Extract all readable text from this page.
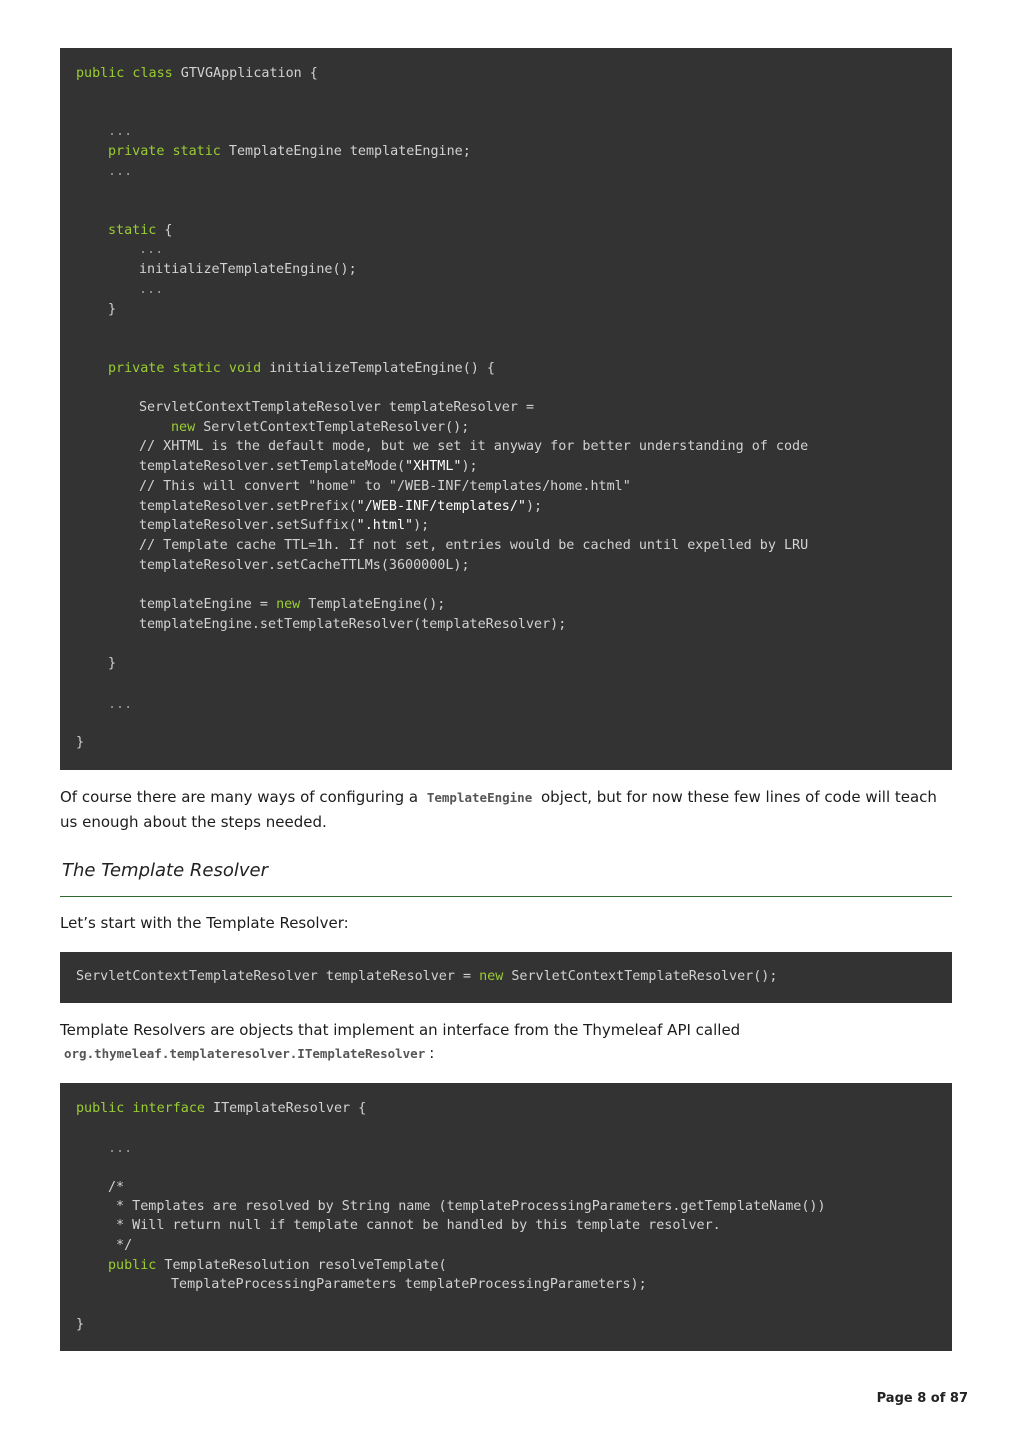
public class GTVGApplication {
...
private static TemplateEngine templateEngine;
...
static {
...
initializeTemplateEngine();
...
}
private static void initializeTemplateEngine() {
ServletContextTemplateResolver templateResolver =
new ServletContextTemplateResolver();
// XHTML is the default mode, but we set it anyway for better understanding of code
templateResolver.setTemplateMode("XHTML");
// This will convert "home" to "/WEB-INF/templates/home.html"
templateResolver.setPrefix("/WEB-INF/templates/");
templateResolver.setSuffix(".html");
// Template cache TTL=1h. If not set, entries would be cached until expelled by LRU
templateResolver.setCacheTTLMs(3600000L);
templateEngine = new TemplateEngine();
templateEngine.setTemplateResolver(templateResolver);
}
...
}
Of course there are many ways of configuring a TemplateEngine object, but for now these few lines of code will teach us enough about the steps needed.
The Template Resolver
Let’s start with the Template Resolver:
ServletContextTemplateResolver templateResolver = new ServletContextTemplateResolver();
Template Resolvers are objects that implement an interface from the Thymeleaf API called
org.thymeleaf.templateresolver.ITemplateResolver :
public interface ITemplateResolver {
...
/*
* Templates are resolved by String name (templateProcessingParameters.getTemplateName())
* Will return null if template cannot be handled by this template resolver.
*/
public TemplateResolution resolveTemplate(
TemplateProcessingParameters templateProcessingParameters);
}
Page 8 of 87
